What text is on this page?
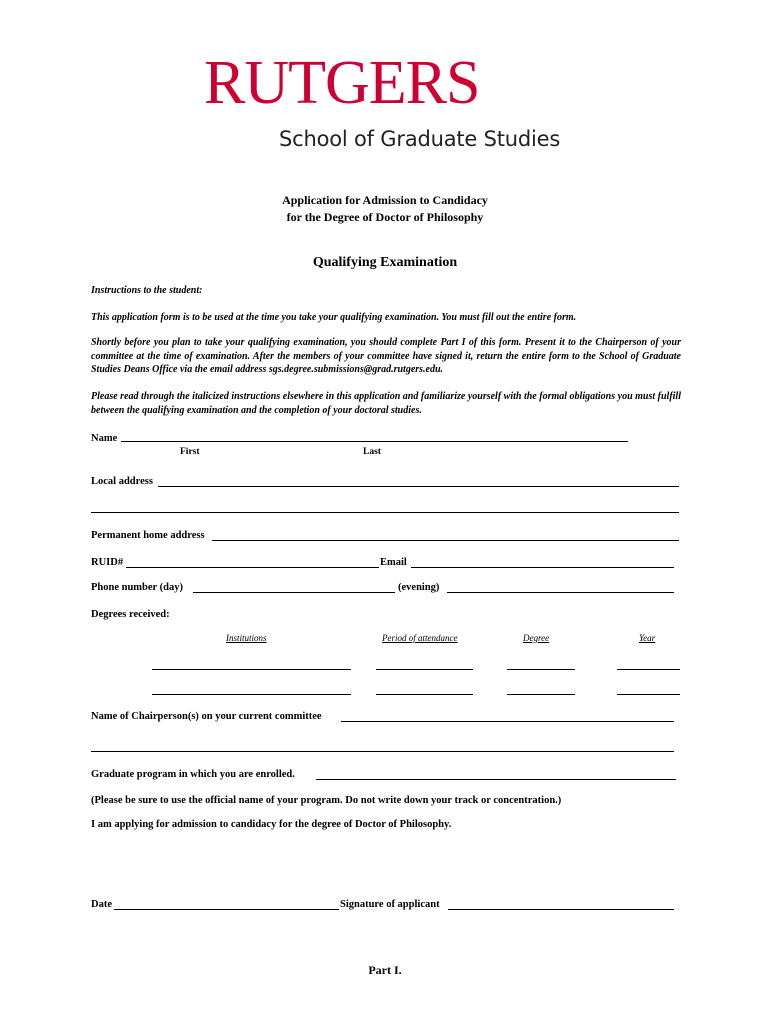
RUTGERS
School of Graduate Studies
Application for Admission to Candidacy
for the Degree of Doctor of Philosophy
Qualifying Examination
Instructions to the student:
This application form is to be used at the time you take your qualifying examination. You must fill out the entire form.
Shortly before you plan to take your qualifying examination, you should complete Part I of this form. Present it to the Chairperson of your committee at the time of examination. After the members of your committee have signed it, return the entire form to the School of Graduate Studies Deans Office via the email address sgs.degree.submissions@grad.rutgers.edu.
Please read through the italicized instructions elsewhere in this application and familiarize yourself with the formal obligations you must fulfill between the qualifying examination and the completion of your doctoral studies.
Name
First	Last
Local address
Permanent home address
RUID#	Email
Phone number (day)	(evening)
Degrees received:
Institutions	Period of attendance	Degree	Year
Name of Chairperson(s) on your current committee
Graduate program in which you are enrolled.
(Please be sure to use the official name of your program. Do not write down your track or concentration.)
I am applying for admission to candidacy for the degree of Doctor of Philosophy.
Date	Signature of applicant
Part I.
